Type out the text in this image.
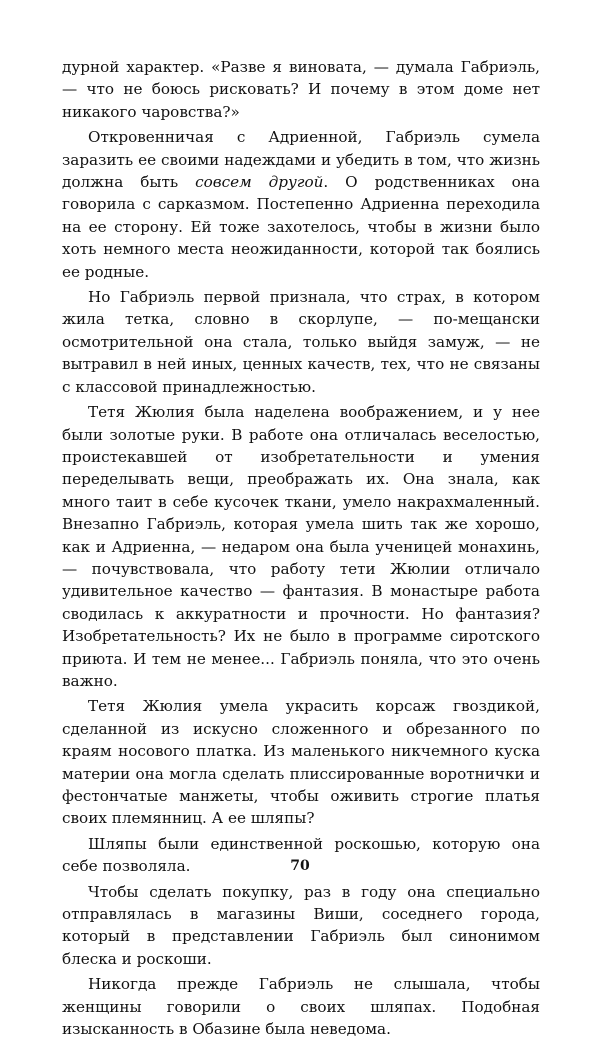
дурной характер. «Разве я виновата, — думала Габриэль, — что не боюсь рисковать? И почему в этом доме нет никакого чаровства?»

Откровенничая с Адриенной, Габриэль сумела заразить ее своими надеждами и убедить в том, что жизнь должна быть совсем другой. О родственниках она говорила с сарказмом. Постепенно Адриенна переходила на ее сторону. Ей тоже захотелось, чтобы в жизни было хоть немного места неожиданности, которой так боялись ее родные.

Но Габриэль первой признала, что страх, в котором жила тетка, словно в скорлупе, — по-мещански осмотрительной она стала, только выйдя замуж, — не вытравил в ней иных, ценных качеств, тех, что не связаны с классовой принадлежностью.

Тетя Жюлия была наделена воображением, и у нее были золотые руки. В работе она отличалась веселостью, проистекавшей от изобретательности и умения переделывать вещи, преображать их. Она знала, как много таит в себе кусочек ткани, умело накрахмаленный. Внезапно Габриэль, которая умела шить так же хорошо, как и Адриенна, — недаром она была ученицей монахинь, — почувствовала, что работу тети Жюлии отличало удивительное качество — фантазия. В монастыре работа сводилась к аккуратности и прочности. Но фантазия? Изобретательность? Их не было в программе сиротского приюта. И тем не менее... Габриэль поняла, что это очень важно.

Тетя Жюлия умела украсить корсаж гвоздикой, сделанной из искусно сложенного и обрезанного по краям носового платка. Из маленького никчемного куска материи она могла сделать плиссированные воротнички и фестончатые манжеты, чтобы оживить строгие платья своих племянниц. А ее шляпы?

Шляпы были единственной роскошью, которую она себе позволяла.

Чтобы сделать покупку, раз в году она специально отправлялась в магазины Виши, соседнего города, который в представлении Габриэль был синонимом блеска и роскоши.

Никогда прежде Габриэль не слышала, чтобы женщины говорили о своих шляпах. Подобная изысканность в Обазине была неведома.

70
